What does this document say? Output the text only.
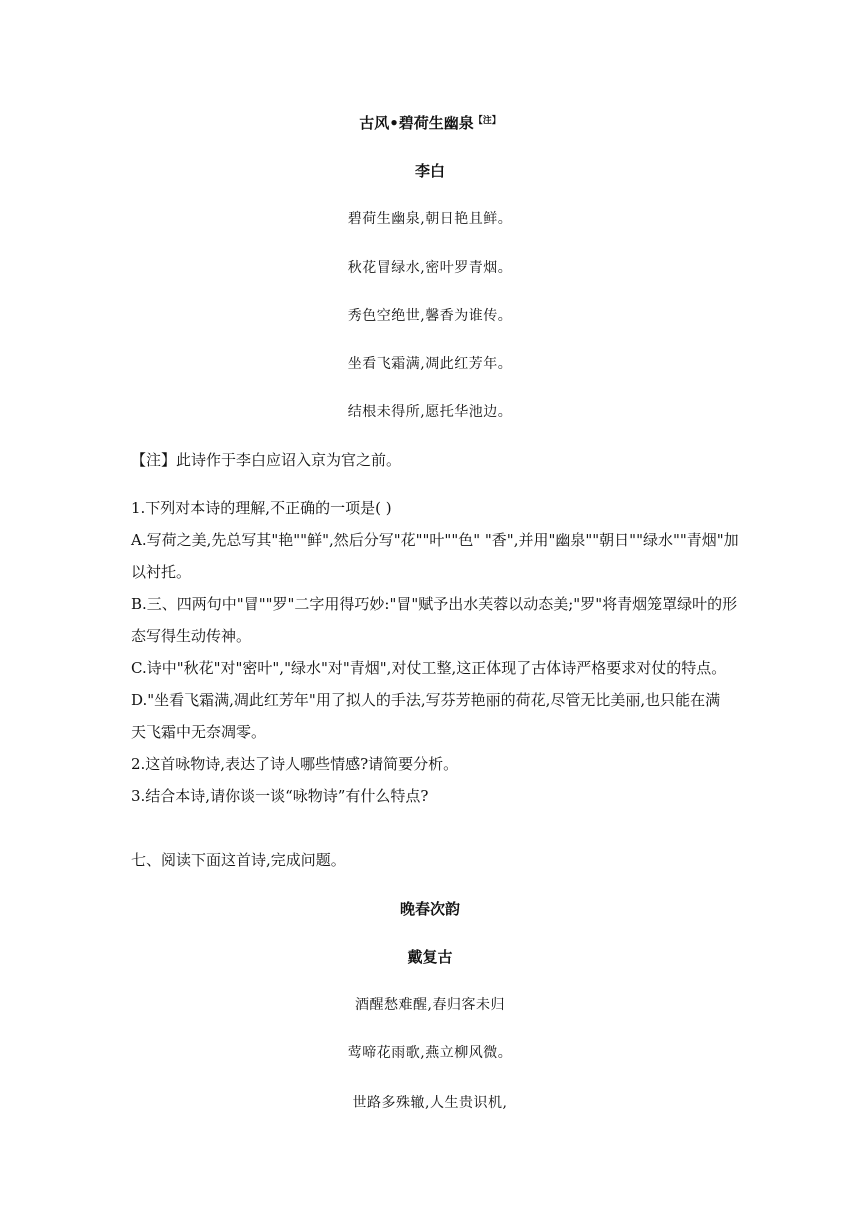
古风•碧荷生幽泉$^{【注】}$
李白
碧荷生幽泉,朝日艳且鲜。
秋花冒绿水,密叶罗青烟。
秀色空绝世,馨香为谁传。
坐看飞霜满,凋此红芳年。
结根未得所,愿托华池边。
【注】此诗作于李白应诏入京为官之前。
1.下列对本诗的理解,不正确的一项是( )
A.写荷之美,先总写其"艳""鲜",然后分写"花""叶""色" "香",并用"幽泉""朝日""绿水""青烟"加
以衬托。
B.三、四两句中"冒""罗"二字用得巧妙:"冒"赋予出水芙蓉以动态美;"罗"将青烟笼罩绿叶的形
态写得生动传神。
C.诗中"秋花"对"密叶","绿水"对"青烟",对仗工整,这正体现了古体诗严格要求对仗的特点。
D."坐看飞霜满,凋此红芳年"用了拟人的手法,写芬芳艳丽的荷花,尽管无比美丽,也只能在满
天飞霜中无奈凋零。
2.这首咏物诗,表达了诗人哪些情感?请简要分析。
3.结合本诗,请你谈一谈“咏物诗”有什么特点?
七、阅读下面这首诗,完成问题。
晚春次韵
戴复古
酒醒愁难醒,春归客未归
莺啼花雨歌,燕立柳风微。
世路多殊辙,人生贵识机,
